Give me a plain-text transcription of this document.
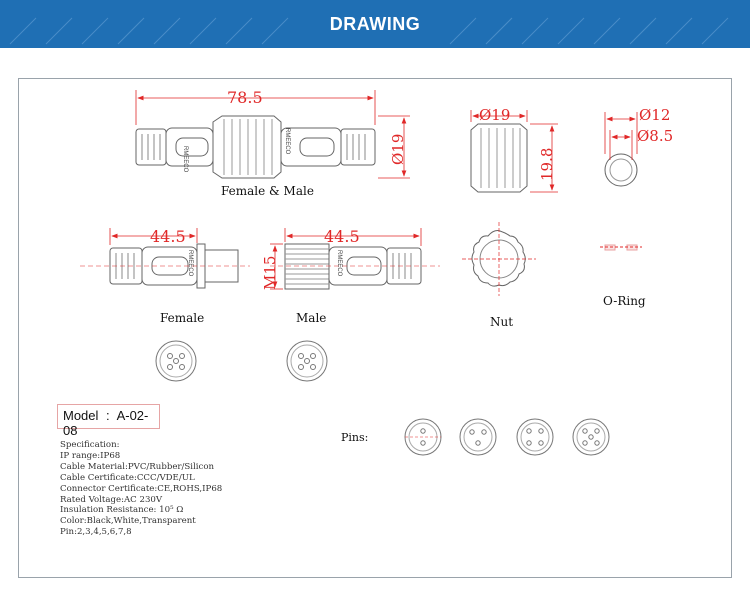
DRAWING
RMEECO
RMEECO
RMEECO	RMEECO
78.5
Ø19
Ø19
19.8
Ø12
Ø8.5
44.5	44.5
M15
Female & Male
Female	Male	Nut
O-Ring
Pins:
Model : A-02-08
Specification:
IP range:IP68
Cable Material:PVC/Rubber/Silicon
Cable Certificate:CCC/VDE/UL
Connector Certificate:CE,ROHS,IP68
Rated Voltage:AC 230V
Insulation Resistance: 10⁵ Ω
Color:Black,White,Transparent
Pin:2,3,4,5,6,7,8
